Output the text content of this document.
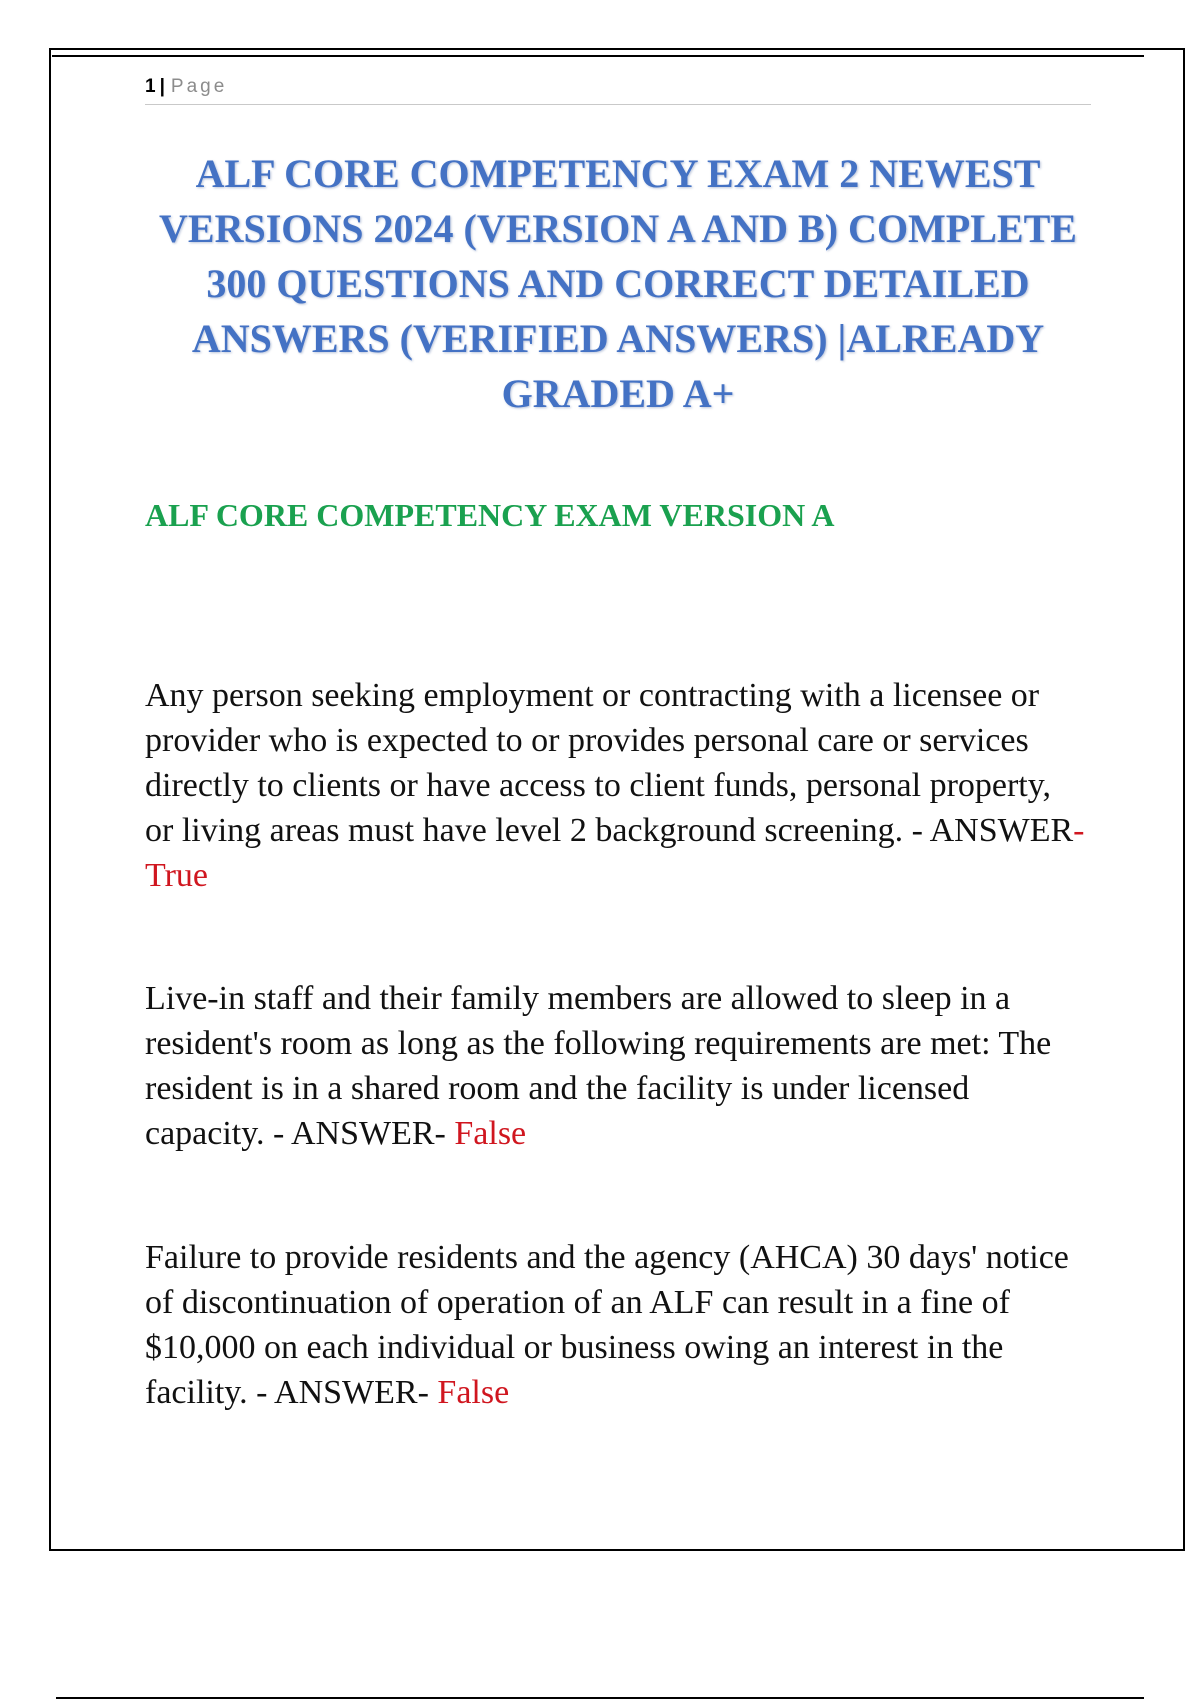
1 | Page
ALF CORE COMPETENCY EXAM 2 NEWEST VERSIONS 2024 (VERSION A AND B) COMPLETE 300 QUESTIONS AND CORRECT DETAILED ANSWERS (VERIFIED ANSWERS) |ALREADY GRADED A+
ALF CORE COMPETENCY EXAM VERSION A

Any person seeking employment or contracting with a licensee or provider who is expected to or provides personal care or services directly to clients or have access to client funds, personal property, or living areas must have level 2 background screening. - ANSWER- True

Live-in staff and their family members are allowed to sleep in a resident's room as long as the following requirements are met: The resident is in a shared room and the facility is under licensed capacity. - ANSWER- False

Failure to provide residents and the agency (AHCA) 30 days' notice of discontinuation of operation of an ALF can result in a fine of $10,000 on each individual or business owing an interest in the facility. - ANSWER- False
